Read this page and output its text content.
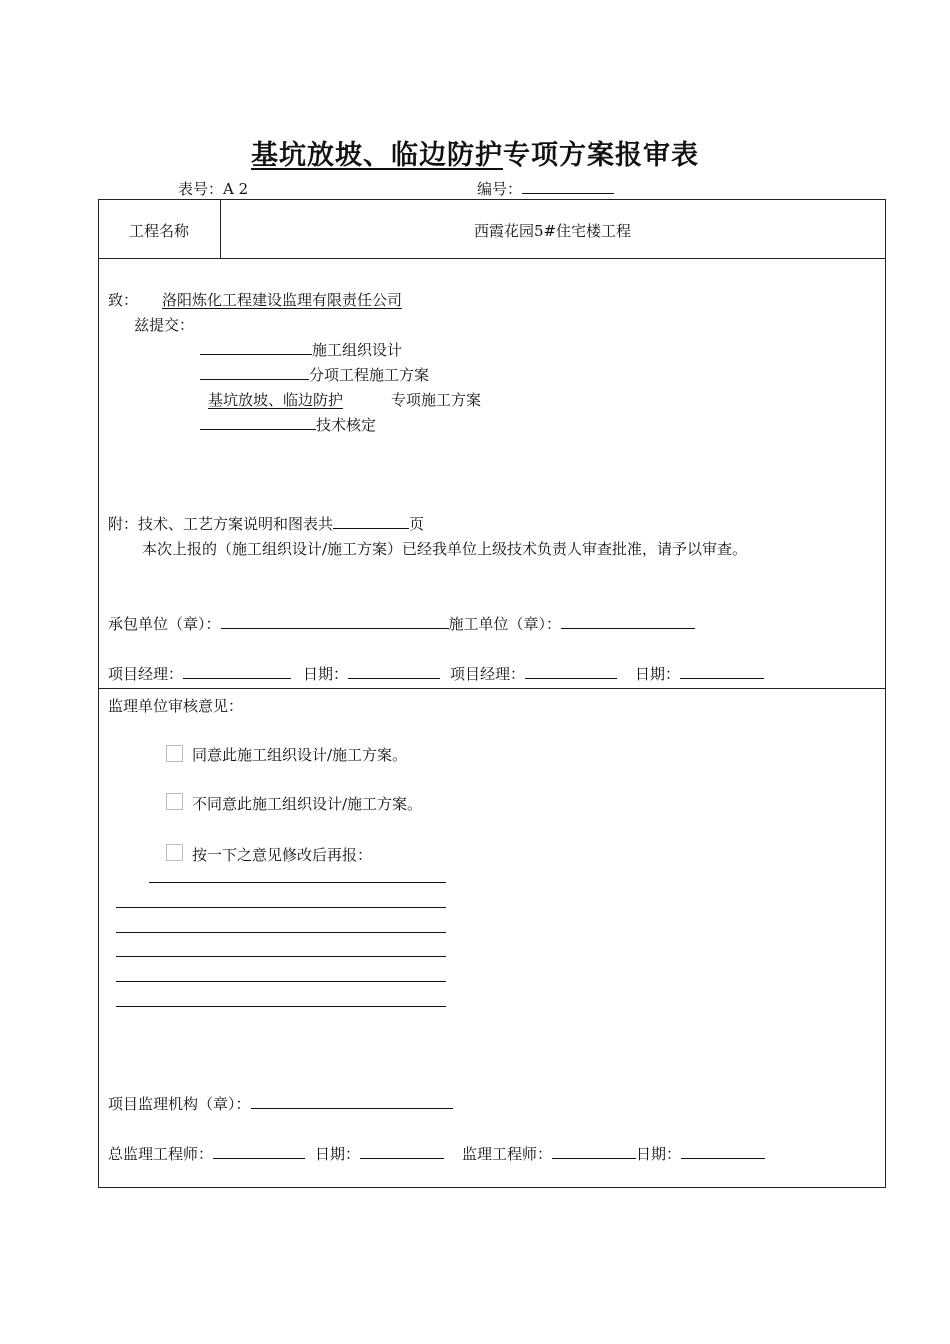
基坑放坡、临边防护专项方案报审表
表号：A 2	编号：
工程名称	西霞花园5#住宅楼工程
致： 洛阳炼化工程建设监理有限责任公司
兹提交：
施工组织设计
分项工程施工方案
基坑放坡、临边防护	专项施工方案
技术核定
附：技术、工艺方案说明和图表共	页
本次上报的（施工组织设计/施工方案）已经我单位上级技术负责人审查批准，请予以审查。
承包单位（章）：	施工单位（章）：
项目经理：	日期：	项目经理：	日期：
监理单位审核意见：
同意此施工组织设计/施工方案。
不同意此施工组织设计/施工方案。
按一下之意见修改后再报：
项目监理机构（章）：
总监理工程师：	日期：	监理工程师：	日期：
